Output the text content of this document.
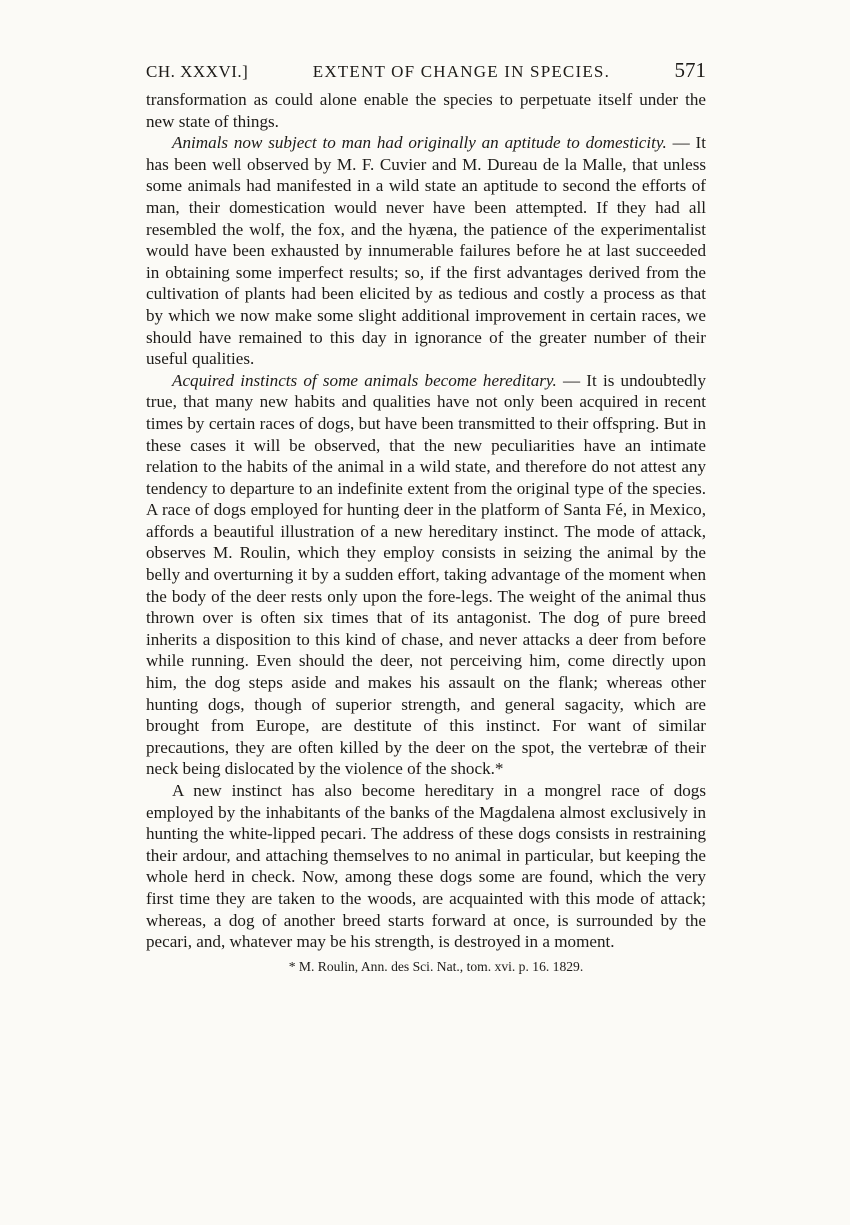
CH. XXXVI.]	EXTENT OF CHANGE IN SPECIES.	571

transformation as could alone enable the species to perpetuate itself under the new state of things.

Animals now subject to man had originally an aptitude to domesticity. — It has been well observed by M. F. Cuvier and M. Dureau de la Malle, that unless some animals had manifested in a wild state an aptitude to second the efforts of man, their domestication would never have been attempted. If they had all resembled the wolf, the fox, and the hyæna, the patience of the experimentalist would have been exhausted by innumerable failures before he at last succeeded in obtaining some imperfect results; so, if the first advantages derived from the cultivation of plants had been elicited by as tedious and costly a process as that by which we now make some slight additional improvement in certain races, we should have remained to this day in ignorance of the greater number of their useful qualities.

Acquired instincts of some animals become hereditary. — It is undoubtedly true, that many new habits and qualities have not only been acquired in recent times by certain races of dogs, but have been transmitted to their offspring. But in these cases it will be observed, that the new peculiarities have an intimate relation to the habits of the animal in a wild state, and therefore do not attest any tendency to departure to an indefinite extent from the original type of the species. A race of dogs employed for hunting deer in the platform of Santa Fé, in Mexico, affords a beautiful illustration of a new hereditary instinct. The mode of attack, observes M. Roulin, which they employ consists in seizing the animal by the belly and overturning it by a sudden effort, taking advantage of the moment when the body of the deer rests only upon the fore-legs. The weight of the animal thus thrown over is often six times that of its antagonist. The dog of pure breed inherits a disposition to this kind of chase, and never attacks a deer from before while running. Even should the deer, not perceiving him, come directly upon him, the dog steps aside and makes his assault on the flank; whereas other hunting dogs, though of superior strength, and general sagacity, which are brought from Europe, are destitute of this instinct. For want of similar precautions, they are often killed by the deer on the spot, the vertebræ of their neck being dislocated by the violence of the shock.*

A new instinct has also become hereditary in a mongrel race of dogs employed by the inhabitants of the banks of the Magdalena almost exclusively in hunting the white-lipped pecari. The address of these dogs consists in restraining their ardour, and attaching themselves to no animal in particular, but keeping the whole herd in check. Now, among these dogs some are found, which the very first time they are taken to the woods, are acquainted with this mode of attack; whereas, a dog of another breed starts forward at once, is surrounded by the pecari, and, whatever may be his strength, is destroyed in a moment.

* M. Roulin, Ann. des Sci. Nat., tom. xvi. p. 16. 1829.
